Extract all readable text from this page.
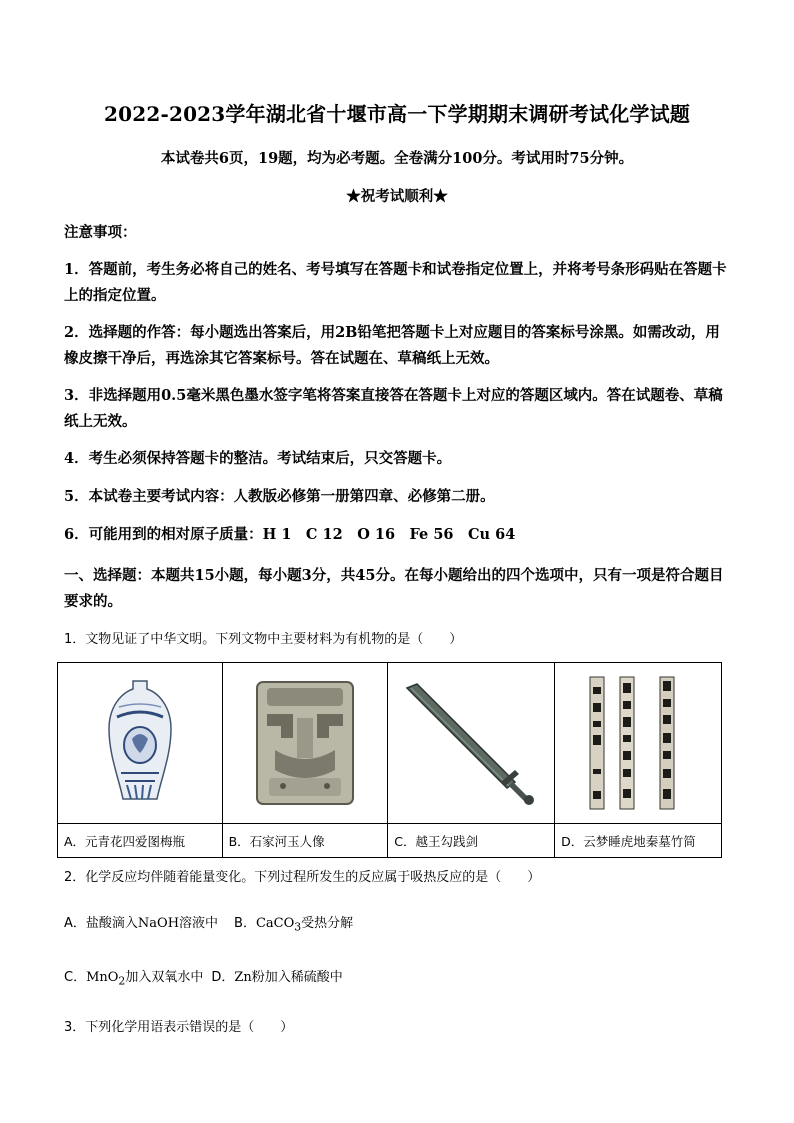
2022-2023学年湖北省十堰市高一下学期期末调研考试化学试题
本试卷共6页，19题，均为必考题。全卷满分100分。考试用时75分钟。
★祝考试顺利★
注意事项：
1．答题前，考生务必将自己的姓名、考号填写在答题卡和试卷指定位置上，并将考号条形码贴在答题卡上的指定位置。
2．选择题的作答：每小题选出答案后，用2B铅笔把答题卡上对应题目的答案标号涂黑。如需改动，用橡皮擦干净后，再选涂其它答案标号。答在试题在、草稿纸上无效。
3．非选择题用0.5毫米黑色墨水签字笔将答案直接答在答题卡上对应的答题区域内。答在试题卷、草稿纸上无效。
4．考生必须保持答题卡的整洁。考试结束后，只交答题卡。
5．本试卷主要考试内容：人教版必修第一册第四章、必修第二册。
6．可能用到的相对原子质量：H 1　C 12　O 16　Fe 56　Cu 64
一、选择题：本题共15小题，每小题3分，共45分。在每小题给出的四个选项中，只有一项是符合题目要求的。
1．文物见证了中华文明。下列文物中主要材料为有机物的是（　　）

A．元青花四爱图梅瓶	B．石家河玉人像	C．越王勾践剑	D．云梦睡虎地秦墓竹简
2．化学反应均伴随着能量变化。下列过程所发生的反应属于吸热反应的是（　　）
A．盐酸滴入NaOH溶液中 B．CaCO$_3$受热分解
C．MnO$_2$加入双氧水中 D．Zn粉加入稀硫酸中
3．下列化学用语表示错误的是（　　）
